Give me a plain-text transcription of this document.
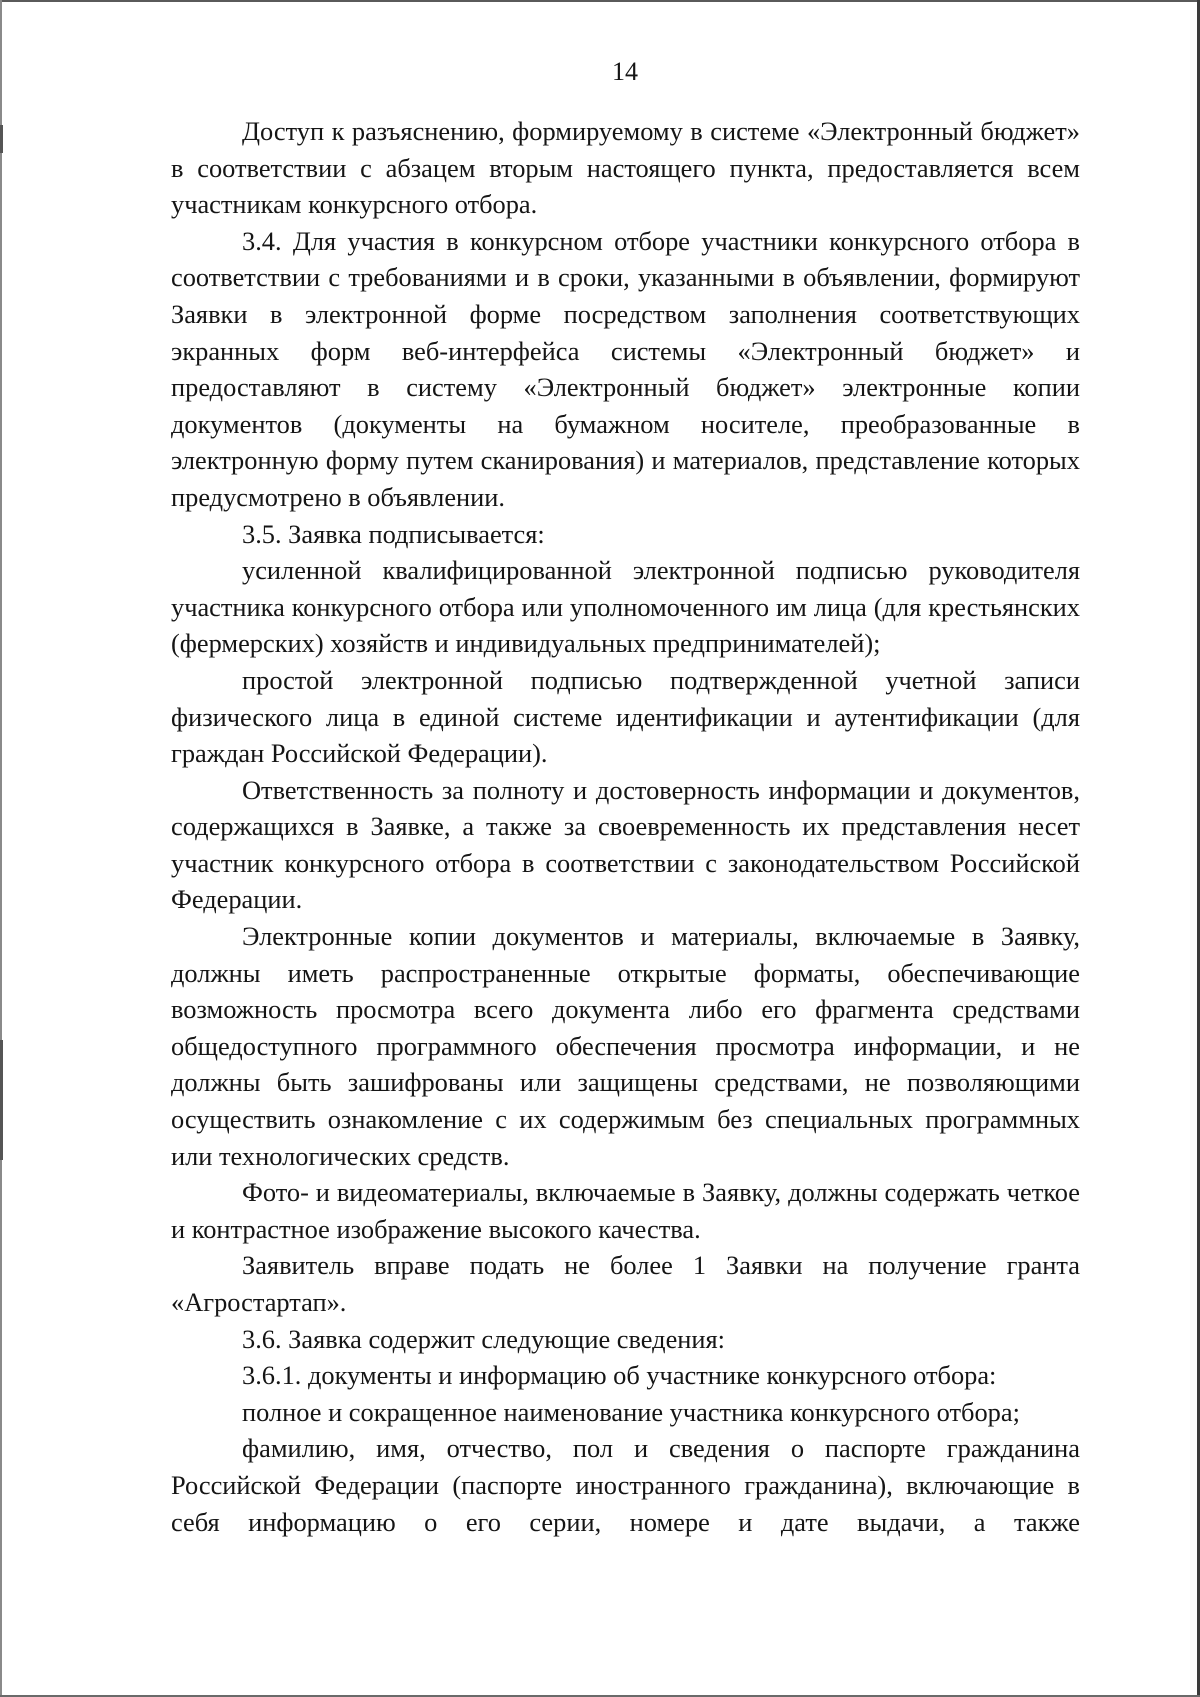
14

Доступ к разъяснению, формируемому в системе «Электронный бюджет» в соответствии с абзацем вторым настоящего пункта, предоставляется всем участникам конкурсного отбора.

3.4. Для участия в конкурсном отборе участники конкурсного отбора в соответствии с требованиями и в сроки, указанными в объявлении, формируют Заявки в электронной форме посредством заполнения соответствующих экранных форм веб-интерфейса системы «Электронный бюджет» и предоставляют в систему «Электронный бюджет» электронные копии документов (документы на бумажном носителе, преобразованные в электронную форму путем сканирования) и материалов, представление которых предусмотрено в объявлении.

3.5. Заявка подписывается:

усиленной квалифицированной электронной подписью руководителя участника конкурсного отбора или уполномоченного им лица (для крестьянских (фермерских) хозяйств и индивидуальных предпринимателей);

простой электронной подписью подтвержденной учетной записи физического лица в единой системе идентификации и аутентификации (для граждан Российской Федерации).

Ответственность за полноту и достоверность информации и документов, содержащихся в Заявке, а также за своевременность их представления несет участник конкурсного отбора в соответствии с законодательством Российской Федерации.

Электронные копии документов и материалы, включаемые в Заявку, должны иметь распространенные открытые форматы, обеспечивающие возможность просмотра всего документа либо его фрагмента средствами общедоступного программного обеспечения просмотра информации, и не должны быть зашифрованы или защищены средствами, не позволяющими осуществить ознакомление с их содержимым без специальных программных или технологических средств.

Фото- и видеоматериалы, включаемые в Заявку, должны содержать четкое и контрастное изображение высокого качества.

Заявитель вправе подать не более 1 Заявки на получение гранта «Агростартап».

3.6. Заявка содержит следующие сведения:

3.6.1. документы и информацию об участнике конкурсного отбора:

полное и сокращенное наименование участника конкурсного отбора;

фамилию, имя, отчество, пол и сведения о паспорте гражданина Российской Федерации (паспорте иностранного гражданина), включающие в себя информацию о его серии, номере и дате выдачи, а также
